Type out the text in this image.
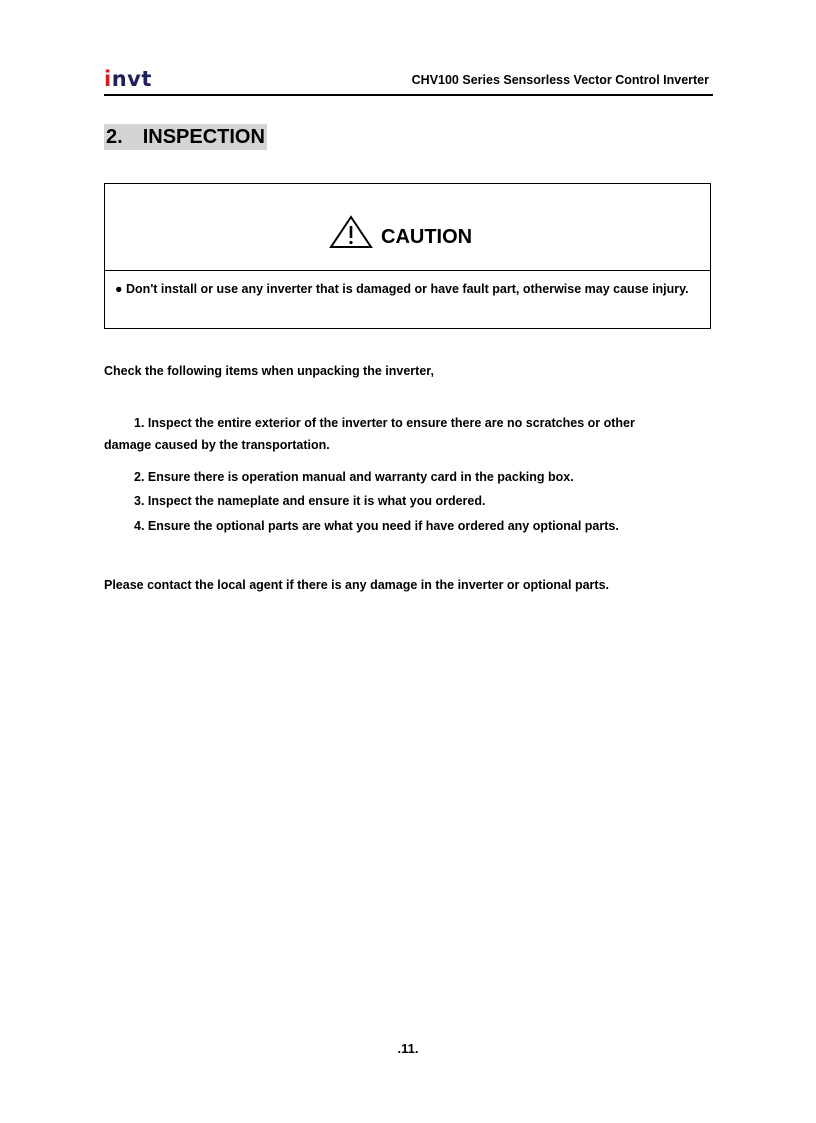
invt	CHV100 Series Sensorless Vector Control Inverter
2. INSPECTION
CAUTION
● Don't install or use any inverter that is damaged or have fault part, otherwise may cause injury.
Check the following items when unpacking the inverter,
1. Inspect the entire exterior of the inverter to ensure there are no scratches or other
damage caused by the transportation.
2. Ensure there is operation manual and warranty card in the packing box.
3. Inspect the nameplate and ensure it is what you ordered.
4. Ensure the optional parts are what you need if have ordered any optional parts.
Please contact the local agent if there is any damage in the inverter or optional parts.
.11.
